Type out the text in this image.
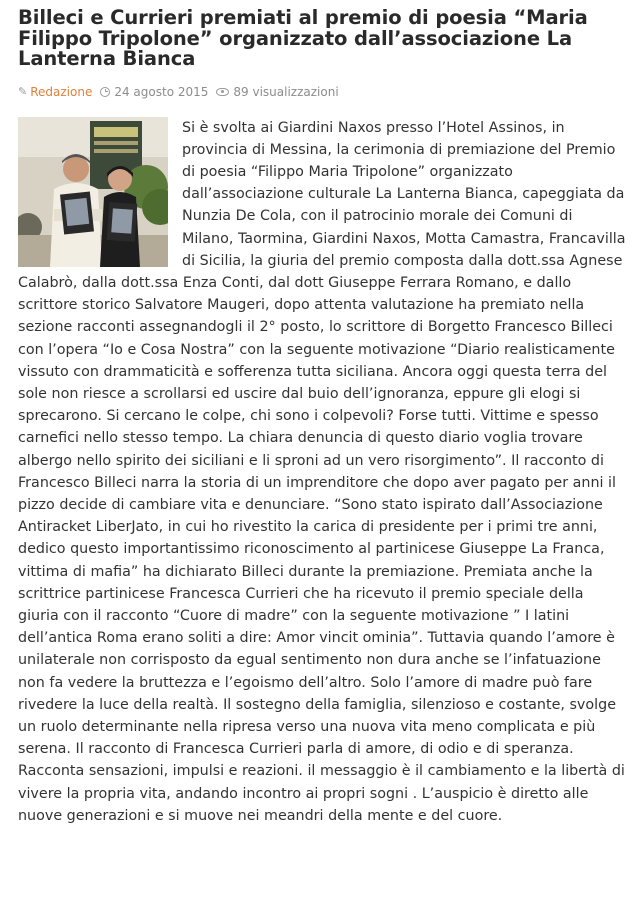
Billeci e Currieri premiati al premio di poesia “Maria Filippo Tripolone” organizzato dall’associazione La Lanterna Bianca
✎ Redazione 24 agosto 2015 89 visualizzazioni

Si è svolta ai Giardini Naxos presso l’Hotel Assinos, in provincia di Messina, la cerimonia di premiazione del Premio di poesia “Filippo Maria Tripolone” organizzato dall’associazione culturale La Lanterna Bianca, capeggiata da Nunzia De Cola, con il patrocinio morale dei Comuni di Milano, Taormina, Giardini Naxos, Motta Camastra, Francavilla di Sicilia, la giuria del premio composta dalla dott.ssa Agnese Calabrò, dalla dott.ssa Enza Conti, dal dott Giuseppe Ferrara Romano, e dallo scrittore storico Salvatore Maugeri, dopo attenta valutazione ha premiato nella sezione racconti assegnandogli il 2° posto, lo scrittore di Borgetto Francesco Billeci con l’opera “Io e Cosa Nostra” con la seguente motivazione “Diario realisticamente vissuto con drammaticità e sofferenza tutta siciliana. Ancora oggi questa terra del sole non riesce a scrollarsi ed uscire dal buio dell’ignoranza, eppure gli elogi si sprecarono. Si cercano le colpe, chi sono i colpevoli? Forse tutti. Vittime e spesso carnefici nello stesso tempo. La chiara denuncia di questo diario voglia trovare albergo nello spirito dei siciliani e li sproni ad un vero risorgimento”. Il racconto di Francesco Billeci narra la storia di un imprenditore che dopo aver pagato per anni il pizzo decide di cambiare vita e denunciare. “Sono stato ispirato dall’Associazione Antiracket LiberJato, in cui ho rivestito la carica di presidente per i primi tre anni, dedico questo importantissimo riconoscimento al partinicese Giuseppe La Franca, vittima di mafia” ha dichiarato Billeci durante la premiazione. Premiata anche la scrittrice partinicese Francesca Currieri che ha ricevuto il premio speciale della giuria con il racconto “Cuore di madre” con la seguente motivazione ” I latini dell’antica Roma erano soliti a dire: Amor vincit ominia”. Tuttavia quando l’amore è unilaterale non corrisposto da egual sentimento non dura anche se l’infatuazione non fa vedere la bruttezza e l’egoismo dell’altro. Solo l’amore di madre può fare rivedere la luce della realtà. Il sostegno della famiglia, silenzioso e costante, svolge un ruolo determinante nella ripresa verso una nuova vita meno complicata e più serena. Il racconto di Francesca Currieri parla di amore, di odio e di speranza. Racconta sensazioni, impulsi e reazioni. il messaggio è il cambiamento e la libertà di vivere la propria vita, andando incontro ai propri sogni . L’auspicio è diretto alle nuove generazioni e si muove nei meandri della mente e del cuore.
